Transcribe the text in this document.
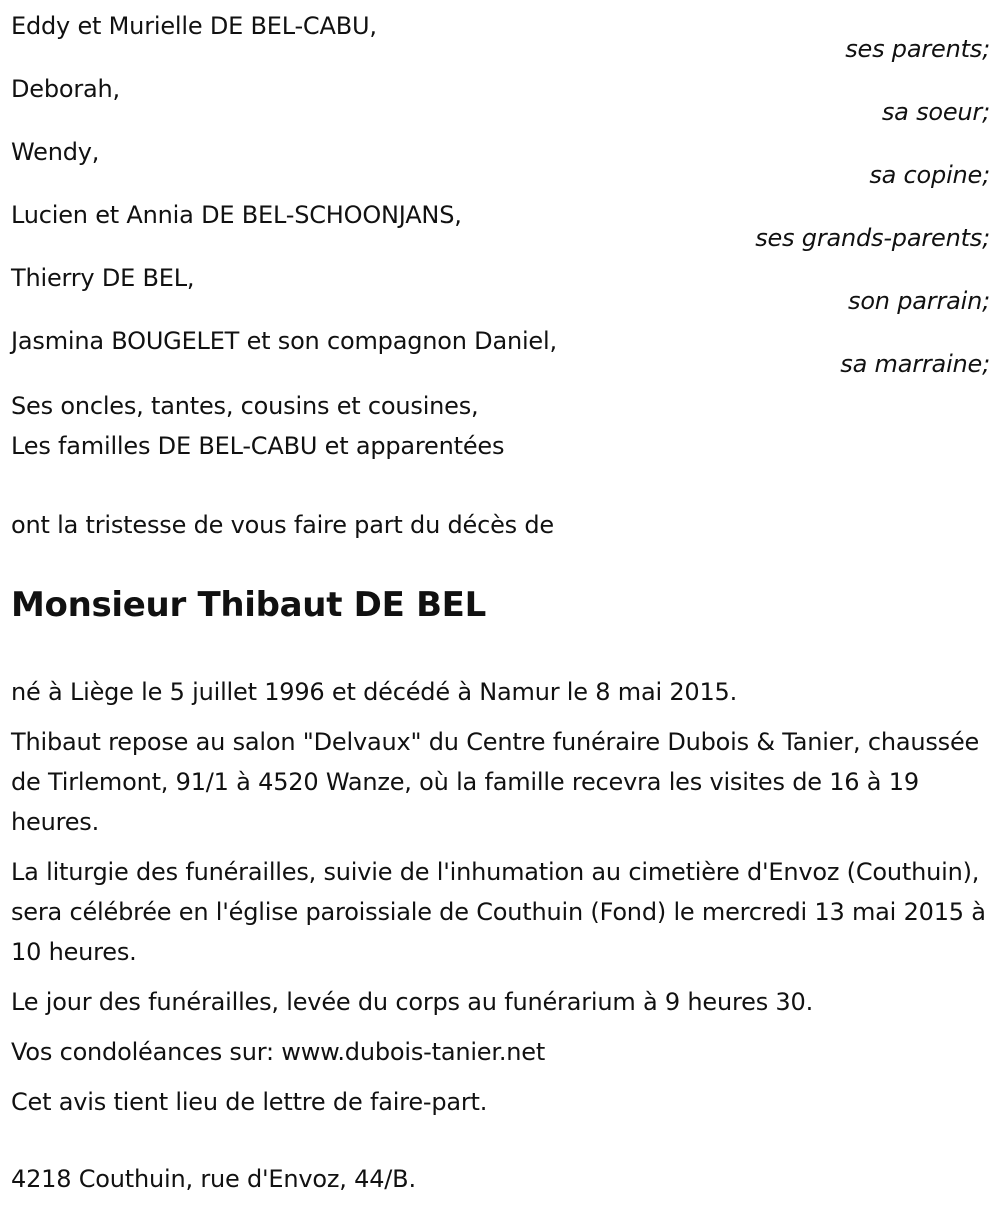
Eddy et Murielle DE BEL-CABU,
ses parents;
Deborah,
sa soeur;
Wendy,
sa copine;
Lucien et Annia DE BEL-SCHOONJANS,
ses grands-parents;
Thierry DE BEL,
son parrain;
Jasmina BOUGELET et son compagnon Daniel,
sa marraine;
Ses oncles, tantes, cousins et cousines,
Les familles DE BEL-CABU et apparentées
ont la tristesse de vous faire part du décès de
Monsieur Thibaut DE BEL

né à Liège le 5 juillet 1996 et décédé à Namur le 8 mai 2015.

Thibaut repose au salon "Delvaux" du Centre funéraire Dubois & Tanier, chaussée de Tirlemont, 91/1 à 4520 Wanze, où la famille recevra les visites de 16 à 19 heures.

La liturgie des funérailles, suivie de l'inhumation au cimetière d'Envoz (Couthuin), sera célébrée en l'église paroissiale de Couthuin (Fond) le mercredi 13 mai 2015 à 10 heures.

Le jour des funérailles, levée du corps au funérarium à 9 heures 30.

Vos condoléances sur: www.dubois-tanier.net

Cet avis tient lieu de lettre de faire-part.

4218 Couthuin, rue d'Envoz, 44/B.
